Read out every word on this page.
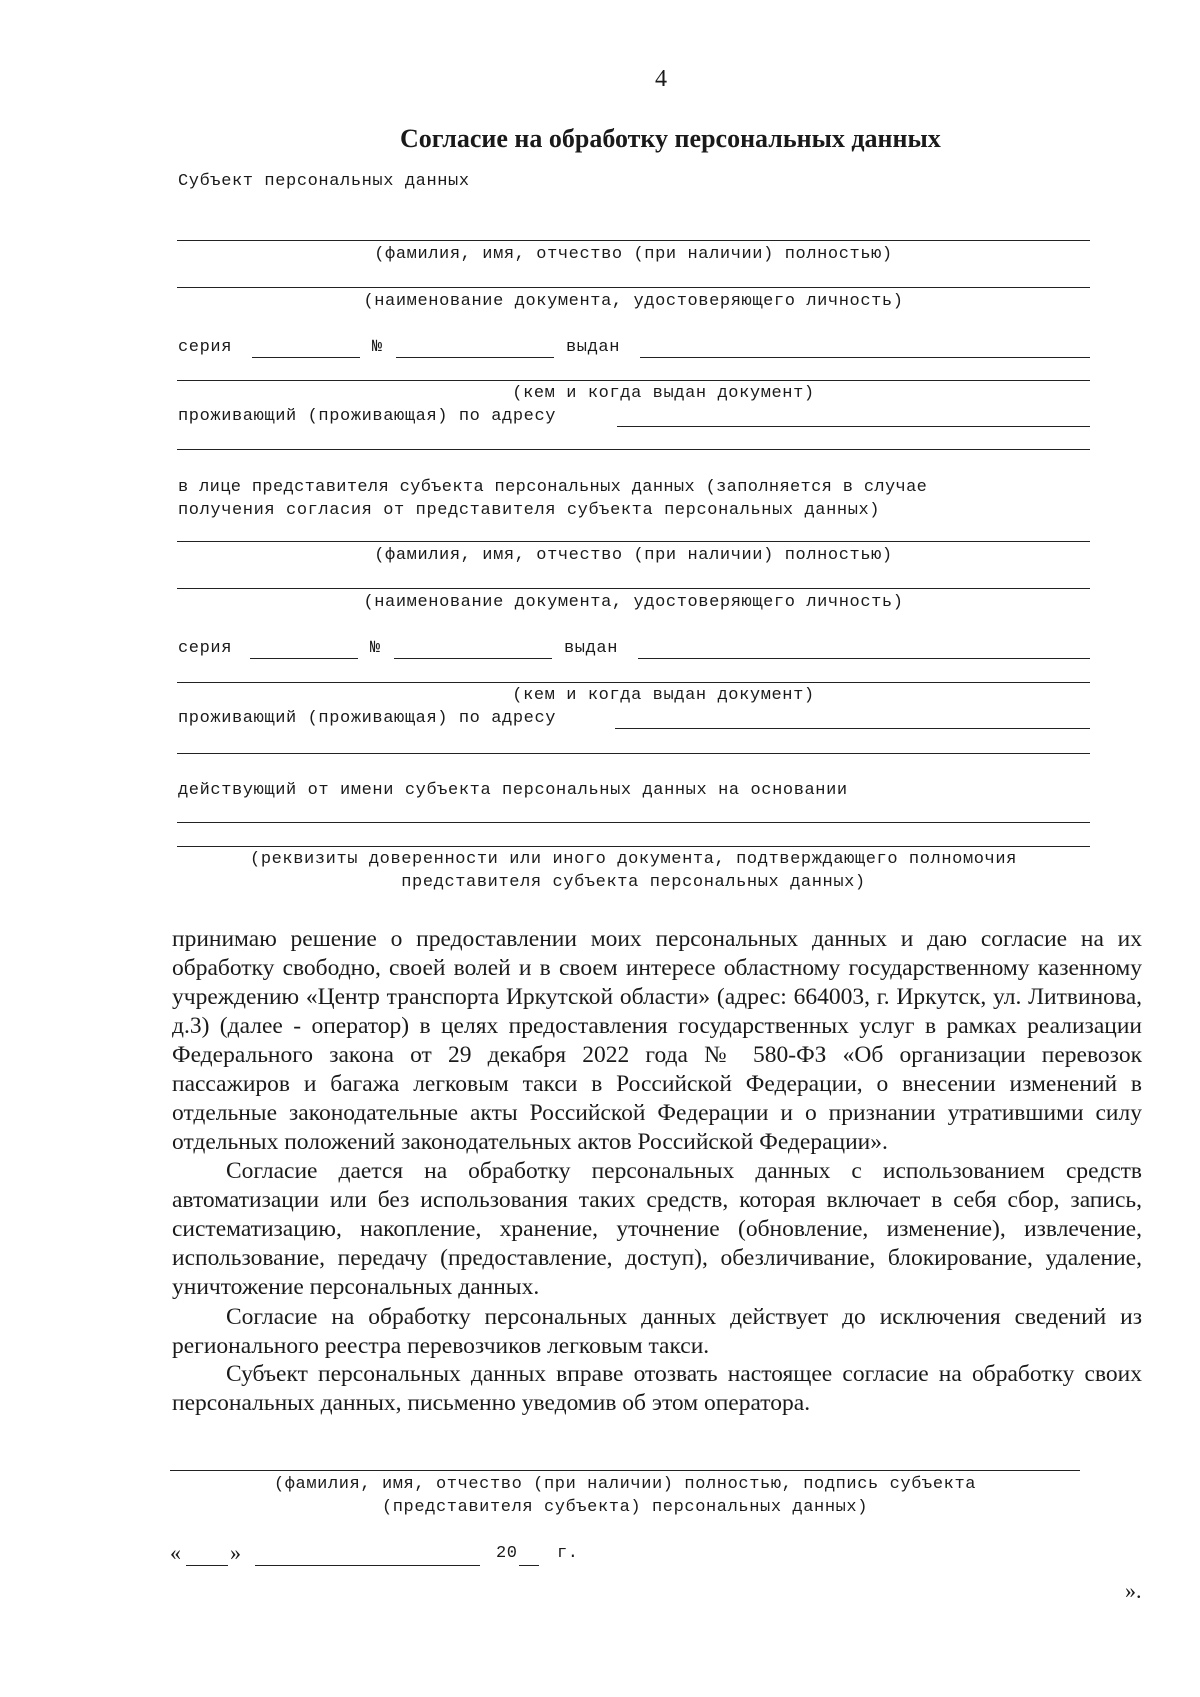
4
Согласие на обработку персональных данных
Субъект персональных данных
(фамилия, имя, отчество (при наличии) полностью)
(наименование документа, удостоверяющего личность)
серия	№	выдан
(кем и когда выдан документ)
проживающий (проживающая) по адресу
в лице представителя субъекта персональных данных (заполняется в случае
получения согласия от представителя субъекта персональных данных)
(фамилия, имя, отчество (при наличии) полностью)
(наименование документа, удостоверяющего личность)
серия	№	выдан
(кем и когда выдан документ)
проживающий (проживающая) по адресу
действующий от имени субъекта персональных данных на основании
(реквизиты доверенности или иного документа, подтверждающего полномочия
представителя субъекта персональных данных)
принимаю решение о предоставлении моих персональных данных и даю согласие на их обработку свободно, своей волей и в своем интересе областному государственному казенному учреждению «Центр транспорта Иркутской области» (адрес: 664003, г. Иркутск, ул. Литвинова, д.3) (далее - оператор) в целях предоставления государственных услуг в рамках реализации Федерального закона от 29 декабря 2022 года № 580-ФЗ «Об организации перевозок пассажиров и багажа легковым такси в Российской Федерации, о внесении изменений в отдельные законодательные акты Российской Федерации и о признании утратившими силу отдельных положений законодательных актов Российской Федерации».
Согласие дается на обработку персональных данных с использованием средств автоматизации или без использования таких средств, которая включает в себя сбор, запись, систематизацию, накопление, хранение, уточнение (обновление, изменение), извлечение, использование, передачу (предоставление, доступ), обезличивание, блокирование, удаление, уничтожение персональных данных.
Согласие на обработку персональных данных действует до исключения сведений из регионального реестра перевозчиков легковым такси.
Субъект персональных данных вправе отозвать настоящее согласие на обработку своих персональных данных, письменно уведомив об этом оператора.
(фамилия, имя, отчество (при наличии) полностью, подпись субъекта
(представителя субъекта) персональных данных)
« »	20 г.
».
